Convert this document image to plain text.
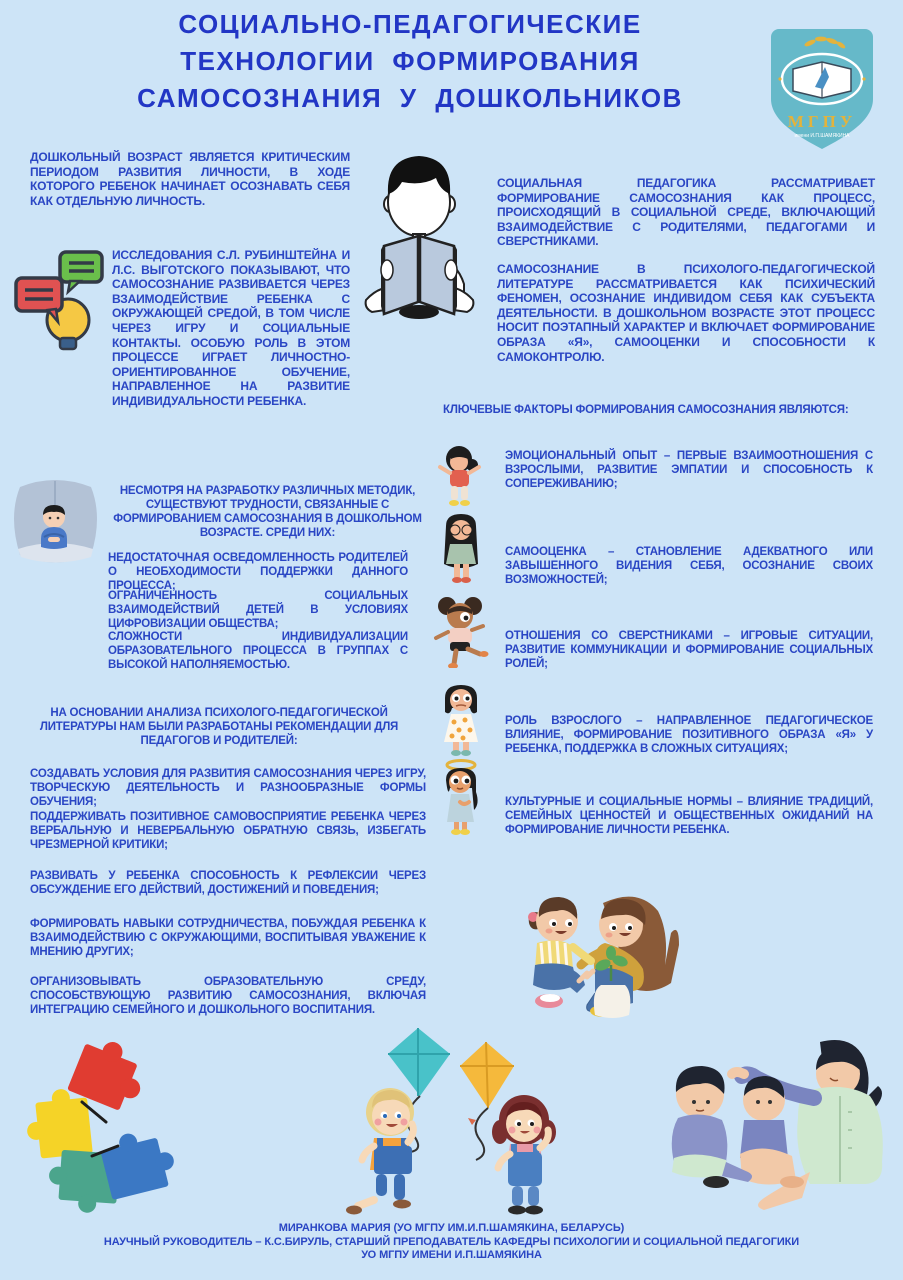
СОЦИАЛЬНО-ПЕДАГОГИЧЕСКИЕ
ТЕХНОЛОГИИ ФОРМИРОВАНИЯ
САМОСОЗНАНИЯ У ДОШКОЛЬНИКОВ
МГПУ
имени И.П.ШАМЯКИНА

ДОШКОЛЬНЫЙ ВОЗРАСТ ЯВЛЯЕТСЯ КРИТИЧЕСКИМ ПЕРИОДОМ РАЗВИТИЯ ЛИЧНОСТИ, В ХОДЕ КОТОРОГО РЕБЕНОК НАЧИНАЕТ ОСОЗНАВАТЬ СЕБЯ КАК ОТДЕЛЬНУЮ ЛИЧНОСТЬ.

ИССЛЕДОВАНИЯ С.Л. РУБИНШТЕЙНА И Л.С. ВЫГОТСКОГО ПОКАЗЫВАЮТ, ЧТО САМОСОЗНАНИЕ РАЗВИВАЕТСЯ ЧЕРЕЗ ВЗАИМОДЕЙСТВИЕ РЕБЕНКА С ОКРУЖАЮЩЕЙ СРЕДОЙ, В ТОМ ЧИСЛЕ ЧЕРЕЗ ИГРУ И СОЦИАЛЬНЫЕ КОНТАКТЫ. ОСОБУЮ РОЛЬ В ЭТОМ ПРОЦЕССЕ ИГРАЕТ ЛИЧНОСТНО-ОРИЕНТИРОВАННОЕ ОБУЧЕНИЕ, НАПРАВЛЕННОЕ НА РАЗВИТИЕ ИНДИВИДУАЛЬНОСТИ РЕБЕНКА.

СОЦИАЛЬНАЯ ПЕДАГОГИКА РАССМАТРИВАЕТ ФОРМИРОВАНИЕ САМОСОЗНАНИЯ КАК ПРОЦЕСС, ПРОИСХОДЯЩИЙ В СОЦИАЛЬНОЙ СРЕДЕ, ВКЛЮЧАЮЩИЙ ВЗАИМОДЕЙСТВИЕ С РОДИТЕЛЯМИ, ПЕДАГОГАМИ И СВЕРСТНИКАМИ.

САМОСОЗНАНИЕ В ПСИХОЛОГО-ПЕДАГОГИЧЕСКОЙ ЛИТЕРАТУРЕ РАССМАТРИВАЕТСЯ КАК ПСИХИЧЕСКИЙ ФЕНОМЕН, ОСОЗНАНИЕ ИНДИВИДОМ СЕБЯ КАК СУБЪЕКТА ДЕЯТЕЛЬНОСТИ. В ДОШКОЛЬНОМ ВОЗРАСТЕ ЭТОТ ПРОЦЕСС НОСИТ ПОЭТАПНЫЙ ХАРАКТЕР И ВКЛЮЧАЕТ ФОРМИРОВАНИЕ ОБРАЗА «Я», САМООЦЕНКИ И СПОСОБНОСТИ К САМОКОНТРОЛЮ.

КЛЮЧЕВЫЕ ФАКТОРЫ ФОРМИРОВАНИЯ САМОСОЗНАНИЯ ЯВЛЯЮТСЯ:

ЭМОЦИОНАЛЬНЫЙ ОПЫТ – ПЕРВЫЕ ВЗАИМООТНОШЕНИЯ С ВЗРОСЛЫМИ, РАЗВИТИЕ ЭМПАТИИ И СПОСОБНОСТЬ К СОПЕРЕЖИВАНИЮ;

САМООЦЕНКА – СТАНОВЛЕНИЕ АДЕКВАТНОГО ИЛИ ЗАВЫШЕННОГО ВИДЕНИЯ СЕБЯ, ОСОЗНАНИЕ СВОИХ ВОЗМОЖНОСТЕЙ;

ОТНОШЕНИЯ СО СВЕРСТНИКАМИ – ИГРОВЫЕ СИТУАЦИИ, РАЗВИТИЕ КОММУНИКАЦИИ И ФОРМИРОВАНИЕ СОЦИАЛЬНЫХ РОЛЕЙ;

РОЛЬ ВЗРОСЛОГО – НАПРАВЛЕННОЕ ПЕДАГОГИЧЕСКОЕ ВЛИЯНИЕ, ФОРМИРОВАНИЕ ПОЗИТИВНОГО ОБРАЗА «Я» У РЕБЕНКА, ПОДДЕРЖКА В СЛОЖНЫХ СИТУАЦИЯХ;

КУЛЬТУРНЫЕ И СОЦИАЛЬНЫЕ НОРМЫ – ВЛИЯНИЕ ТРАДИЦИЙ, СЕМЕЙНЫХ ЦЕННОСТЕЙ И ОБЩЕСТВЕННЫХ ОЖИДАНИЙ НА ФОРМИРОВАНИЕ ЛИЧНОСТИ РЕБЕНКА.

НЕСМОТРЯ НА РАЗРАБОТКУ РАЗЛИЧНЫХ МЕТОДИК, СУЩЕСТВУЮТ ТРУДНОСТИ, СВЯЗАННЫЕ С ФОРМИРОВАНИЕМ САМОСОЗНАНИЯ В ДОШКОЛЬНОМ ВОЗРАСТЕ. СРЕДИ НИХ:

НЕДОСТАТОЧНАЯ ОСВЕДОМЛЕННОСТЬ РОДИТЕЛЕЙ О НЕОБХОДИМОСТИ ПОДДЕРЖКИ ДАННОГО ПРОЦЕССА;

ОГРАНИЧЕННОСТЬ СОЦИАЛЬНЫХ ВЗАИМОДЕЙСТВИЙ ДЕТЕЙ В УСЛОВИЯХ ЦИФРОВИЗАЦИИ ОБЩЕСТВА;

СЛОЖНОСТИ ИНДИВИДУАЛИЗАЦИИ ОБРАЗОВАТЕЛЬНОГО ПРОЦЕССА В ГРУППАХ С ВЫСОКОЙ НАПОЛНЯЕМОСТЬЮ.

НА ОСНОВАНИИ АНАЛИЗА ПСИХОЛОГО-ПЕДАГОГИЧЕСКОЙ ЛИТЕРАТУРЫ НАМ БЫЛИ РАЗРАБОТАНЫ РЕКОМЕНДАЦИИ ДЛЯ ПЕДАГОГОВ И РОДИТЕЛЕЙ:

СОЗДАВАТЬ УСЛОВИЯ ДЛЯ РАЗВИТИЯ САМОСОЗНАНИЯ ЧЕРЕЗ ИГРУ, ТВОРЧЕСКУЮ ДЕЯТЕЛЬНОСТЬ И РАЗНООБРАЗНЫЕ ФОРМЫ ОБУЧЕНИЯ;

ПОДДЕРЖИВАТЬ ПОЗИТИВНОЕ САМОВОСПРИЯТИЕ РЕБЕНКА ЧЕРЕЗ ВЕРБАЛЬНУЮ И НЕВЕРБАЛЬНУЮ ОБРАТНУЮ СВЯЗЬ, ИЗБЕГАТЬ ЧРЕЗМЕРНОЙ КРИТИКИ;

РАЗВИВАТЬ У РЕБЕНКА СПОСОБНОСТЬ К РЕФЛЕКСИИ ЧЕРЕЗ ОБСУЖДЕНИЕ ЕГО ДЕЙСТВИЙ, ДОСТИЖЕНИЙ И ПОВЕДЕНИЯ;

ФОРМИРОВАТЬ НАВЫКИ СОТРУДНИЧЕСТВА, ПОБУЖДАЯ РЕБЕНКА К ВЗАИМОДЕЙСТВИЮ С ОКРУЖАЮЩИМИ, ВОСПИТЫВАЯ УВАЖЕНИЕ К МНЕНИЮ ДРУГИХ;

ОРГАНИЗОВЫВАТЬ ОБРАЗОВАТЕЛЬНУЮ СРЕДУ, СПОСОБСТВУЮЩУЮ РАЗВИТИЮ САМОСОЗНАНИЯ, ВКЛЮЧАЯ ИНТЕГРАЦИЮ СЕМЕЙНОГО И ДОШКОЛЬНОГО ВОСПИТАНИЯ.

МИРАНКОВА МАРИЯ (УО МГПУ ИМ.И.П.ШАМЯКИНА, БЕЛАРУСЬ)
НАУЧНЫЙ РУКОВОДИТЕЛЬ – К.С.БИРУЛЬ, СТАРШИЙ ПРЕПОДАВАТЕЛЬ КАФЕДРЫ ПСИХОЛОГИИ И СОЦИАЛЬНОЙ ПЕДАГОГИКИ
УО МГПУ ИМЕНИ И.П.ШАМЯКИНА
